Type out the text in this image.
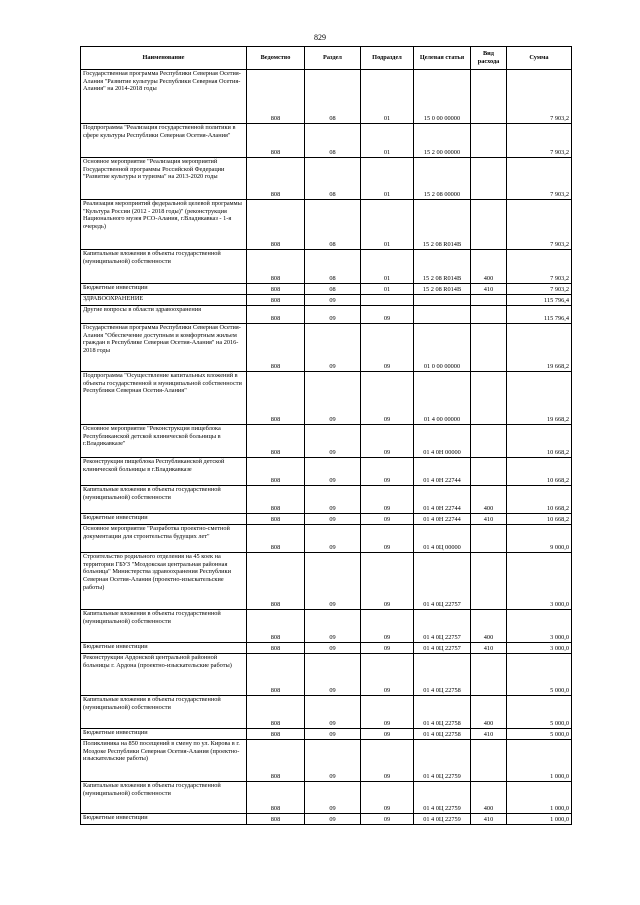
829
Наименование	Ведомство	Раздел	Подраздел	Целевая статья	Вид расхода	Сумма
Государственная программа Республики Северная Осетия-Алания "Развитие культуры Республики Северная Осетия-Алания" на 2014-2018 годы	808	08	01	15 0 00 00000		7 903,2
Подпрограмма "Реализация государственной политики в сфере культуры Республики Северная Осетия-Алания"	808	08	01	15 2 00 00000		7 903,2
Основное мероприятие "Реализация мероприятий Государственной программы Российской Федерации "Развитие культуры и туризма" на 2013-2020 годы	808	08	01	15 2 08 00000		7 903,2
Реализация мероприятий федеральной целевой программы "Культура России (2012 - 2018 годы)" (реконструкция Национального музея РСО-Алания, г.Владикавказ - 1-я очередь)	808	08	01	15 2 08 R014В		7 903,2
Капитальные вложения в объекты государственной (муниципальной) собственности	808	08	01	15 2 08 R014В	400	7 903,2
Бюджетные инвестиции	808	08	01	15 2 08 R014В	410	7 903,2
ЗДРАВООХРАНЕНИЕ	808	09				115 796,4
Другие вопросы в области здравоохранения	808	09	09			115 796,4
Государственная программа Республики Северная Осетия-Алания "Обеспечение доступным и комфортным жильем граждан в Республике Северная Осетия-Алания" на 2016-2018 годы	808	09	09	01 0 00 00000		19 668,2
Подпрограмма "Осуществление капитальных вложений в объекты государственной и муниципальной собственности Республики Северная Осетия-Алания"	808	09	09	01 4 00 00000		19 668,2
Основное мероприятие "Реконструкция пищеблока Республиканской детской клинической больницы в г.Владикавказе"	808	09	09	01 4 0Н 00000		10 668,2
Реконструкция пищеблока Республиканской детской клинической больницы в г.Владикавказе	808	09	09	01 4 0Н 22744		10 668,2
Капитальные вложения в объекты государственной (муниципальной) собственности	808	09	09	01 4 0Н 22744	400	10 668,2
Бюджетные инвестиции	808	09	09	01 4 0Н 22744	410	10 668,2
Основное мероприятие "Разработка проектно-сметной документации для строительства будущих лет"	808	09	09	01 4 0Ц 00000		9 000,0
Строительство родильного отделения на 45 коек на территории ГБУЗ "Моздокская центральная районная больница" Министерства здравоохранения Республики Северная Осетия-Алания (проектно-изыскательские работы)	808	09	09	01 4 0Ц 22757		3 000,0
Капитальные вложения в объекты государственной (муниципальной) собственности	808	09	09	01 4 0Ц 22757	400	3 000,0
Бюджетные инвестиции	808	09	09	01 4 0Ц 22757	410	3 000,0
Реконструкция Ардонской центральной районной больницы г. Ардона (проектно-изыскательские работы)	808	09	09	01 4 0Ц 22758		5 000,0
Капитальные вложения в объекты государственной (муниципальной) собственности	808	09	09	01 4 0Ц 22758	400	5 000,0
Бюджетные инвестиции	808	09	09	01 4 0Ц 22758	410	5 000,0
Поликлиника на 850 посещений в смену по ул. Кирова в г. Моздоке Республики Северная Осетия-Алания (проектно-изыскательские работы)	808	09	09	01 4 0Ц 22759		1 000,0
Капитальные вложения в объекты государственной (муниципальной) собственности	808	09	09	01 4 0Ц 22759	400	1 000,0
Бюджетные инвестиции	808	09	09	01 4 0Ц 22759	410	1 000,0
